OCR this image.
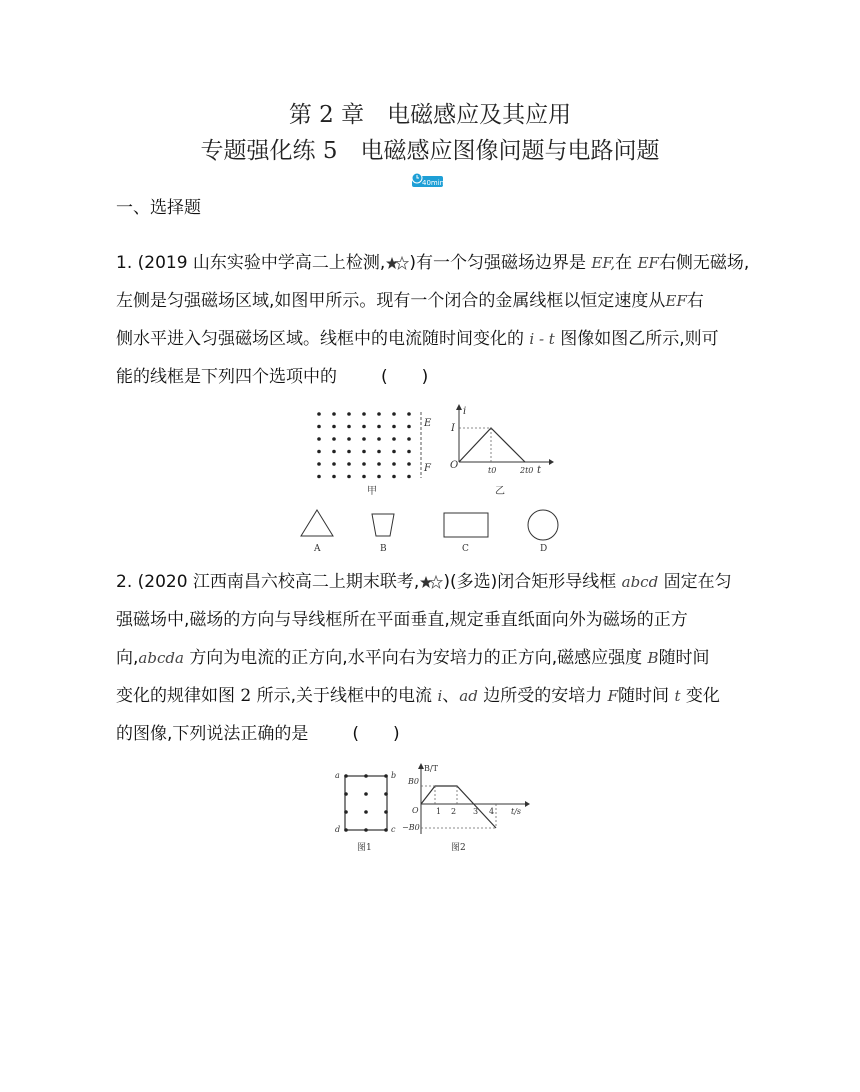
第 2 章　电磁感应及其应用
专题强化练 5　电磁感应图像问题与电路问题
40min
一、选择题
1. (2019 山东实验中学高二上检测, )有一个匀强磁场边界是 EF,在 EF右侧无磁场,
左侧是匀强磁场区域,如图甲所示。现有一个闭合的金属线框以恒定速度从EF右
侧水平进入匀强磁场区域。线框中的电流随时间变化的 i - t 图像如图乙所示,则可
能的线框是下列四个选项中的	(　　)
E
F
甲
i
I
O	t0	2t0 t
乙
A	B	C	D
2. (2020 江西南昌六校高二上期末联考, )(多选)闭合矩形导线框 abcd 固定在匀
强磁场中,磁场的方向与导线框所在平面垂直,规定垂直纸面向外为磁场的正方
向,abcda 方向为电流的正方向,水平向右为安培力的正方向,磁感应强度 B随时间
变化的规律如图 2 所示,关于线框中的电流 i、ad 边所受的安培力 F随时间 t 变化
的图像,下列说法正确的是	(　　)
a	b
c
d
图1
B/T
B0
−B0
O 1 2 3 4 t/s
图2
